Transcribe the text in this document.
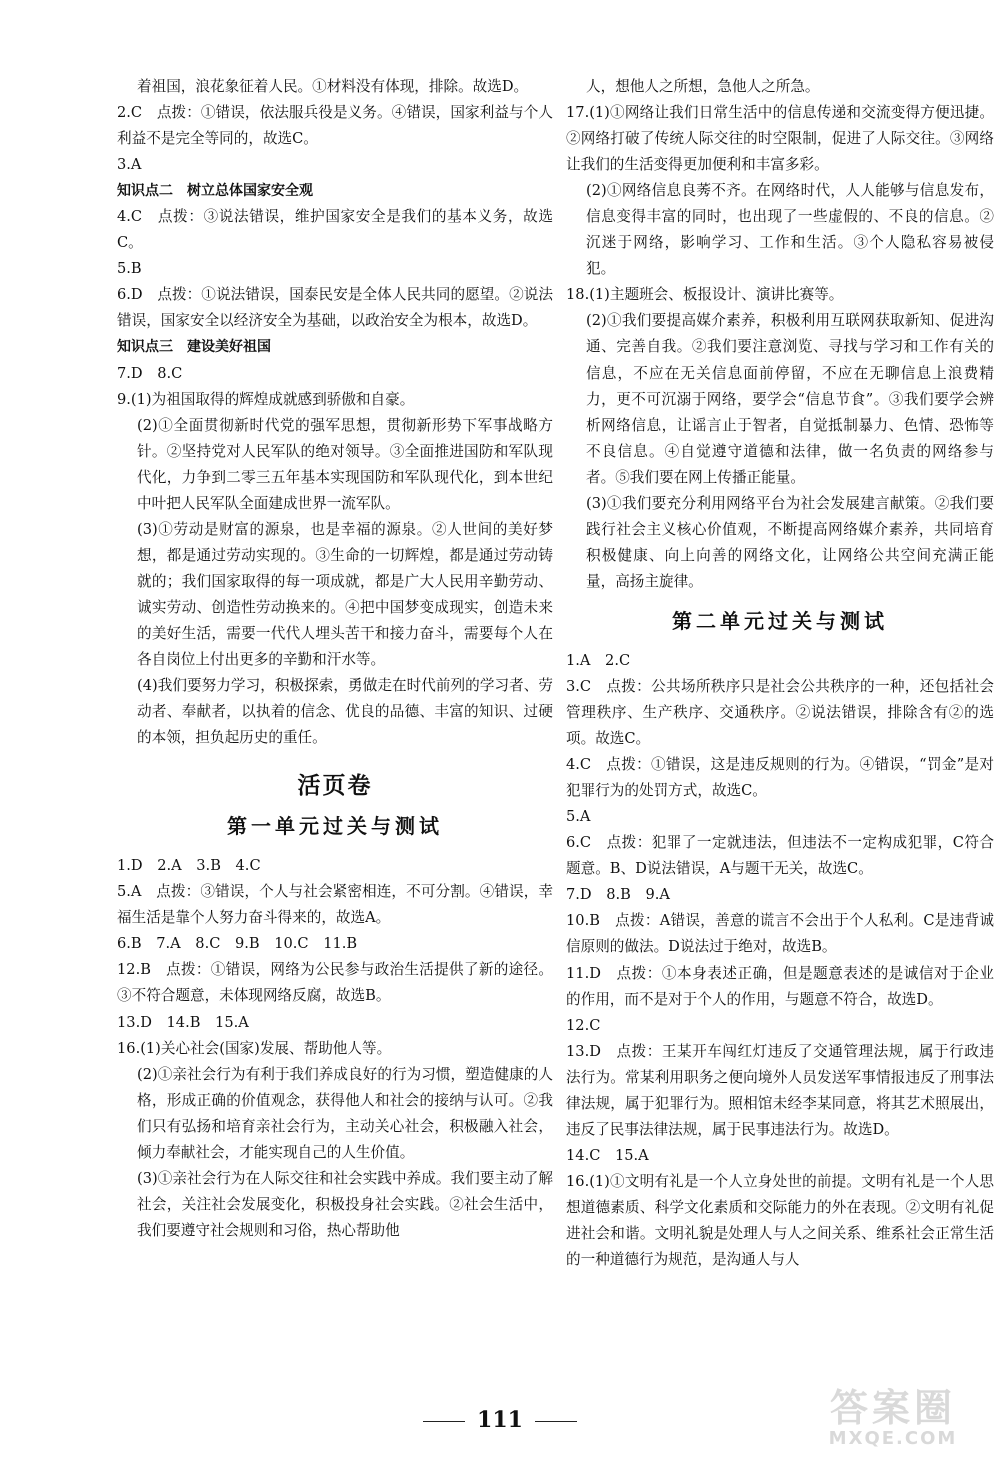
着祖国，浪花象征着人民。①材料没有体现，排除。故选D。
2.C　点拨：①错误，依法服兵役是义务。④错误，国家利益与个人利益不是完全等同的，故选C。
3.A
知识点二　树立总体国家安全观
4.C　点拨：③说法错误，维护国家安全是我们的基本义务，故选C。
5.B
6.D　点拨：①说法错误，国泰民安是全体人民共同的愿望。②说法错误，国家安全以经济安全为基础，以政治安全为根本，故选D。
知识点三　建设美好祖国
7.D　8.C
9.(1)为祖国取得的辉煌成就感到骄傲和自豪。
(2)①全面贯彻新时代党的强军思想，贯彻新形势下军事战略方针。②坚持党对人民军队的绝对领导。③全面推进国防和军队现代化，力争到二零三五年基本实现国防和军队现代化，到本世纪中叶把人民军队全面建成世界一流军队。
(3)①劳动是财富的源泉，也是幸福的源泉。②人世间的美好梦想，都是通过劳动实现的。③生命的一切辉煌，都是通过劳动铸就的；我们国家取得的每一项成就，都是广大人民用辛勤劳动、诚实劳动、创造性劳动换来的。④把中国梦变成现实，创造未来的美好生活，需要一代代人埋头苦干和接力奋斗，需要每个人在各自岗位上付出更多的辛勤和汗水等。
(4)我们要努力学习，积极探索，勇做走在时代前列的学习者、劳动者、奉献者，以执着的信念、优良的品德、丰富的知识、过硬的本领，担负起历史的重任。
活页卷
第一单元过关与测试
1.D　2.A　3.B　4.C
5.A　点拨：③错误，个人与社会紧密相连，不可分割。④错误，幸福生活是靠个人努力奋斗得来的，故选A。
6.B　7.A　8.C　9.B　10.C　11.B
12.B　点拨：①错误，网络为公民参与政治生活提供了新的途径。③不符合题意，未体现网络反腐，故选B。
13.D　14.B　15.A
16.(1)关心社会(国家)发展、帮助他人等。
(2)①亲社会行为有利于我们养成良好的行为习惯，塑造健康的人格，形成正确的价值观念，获得他人和社会的接纳与认可。②我们只有弘扬和培育亲社会行为，主动关心社会，积极融入社会，倾力奉献社会，才能实现自己的人生价值。
(3)①亲社会行为在人际交往和社会实践中养成。我们要主动了解社会，关注社会发展变化，积极投身社会实践。②社会生活中，我们要遵守社会规则和习俗，热心帮助他
人，想他人之所想，急他人之所急。
17.(1)①网络让我们日常生活中的信息传递和交流变得方便迅捷。②网络打破了传统人际交往的时空限制，促进了人际交往。③网络让我们的生活变得更加便利和丰富多彩。
(2)①网络信息良莠不齐。在网络时代，人人能够与信息发布，信息变得丰富的同时，也出现了一些虚假的、不良的信息。②沉迷于网络，影响学习、工作和生活。③个人隐私容易被侵犯。
18.(1)主题班会、板报设计、演讲比赛等。
(2)①我们要提高媒介素养，积极利用互联网获取新知、促进沟通、完善自我。②我们要注意浏览、寻找与学习和工作有关的信息，不应在无关信息面前停留，不应在无聊信息上浪费精力，更不可沉溺于网络，要学会“信息节食”。③我们要学会辨析网络信息，让谣言止于智者，自觉抵制暴力、色情、恐怖等不良信息。④自觉遵守道德和法律，做一名负责的网络参与者。⑤我们要在网上传播正能量。
(3)①我们要充分利用网络平台为社会发展建言献策。②我们要践行社会主义核心价值观，不断提高网络媒介素养，共同培育积极健康、向上向善的网络文化，让网络公共空间充满正能量，高扬主旋律。
第二单元过关与测试
1.A　2.C
3.C　点拨：公共场所秩序只是社会公共秩序的一种，还包括社会管理秩序、生产秩序、交通秩序。②说法错误，排除含有②的选项。故选C。
4.C　点拨：①错误，这是违反规则的行为。④错误，“罚金”是对犯罪行为的处罚方式，故选C。
5.A
6.C　点拨：犯罪了一定就违法，但违法不一定构成犯罪，C符合题意。B、D说法错误，A与题干无关，故选C。
7.D　8.B　9.A
10.B　点拨：A错误，善意的谎言不会出于个人私利。C是违背诚信原则的做法。D说法过于绝对，故选B。
11.D　点拨：①本身表述正确，但是题意表述的是诚信对于企业的作用，而不是对于个人的作用，与题意不符合，故选D。
12.C
13.D　点拨：王某开车闯红灯违反了交通管理法规，属于行政违法行为。常某利用职务之便向境外人员发送军事情报违反了刑事法律法规，属于犯罪行为。照相馆未经李某同意，将其艺术照展出，违反了民事法律法规，属于民事违法行为。故选D。
14.C　15.A
16.(1)①文明有礼是一个人立身处世的前提。文明有礼是一个人思想道德素质、科学文化素质和交际能力的外在表现。②文明有礼促进社会和谐。文明礼貌是处理人与人之间关系、维系社会正常生活的一种道德行为规范，是沟通人与人
111	答案圈
MXQE.COM
